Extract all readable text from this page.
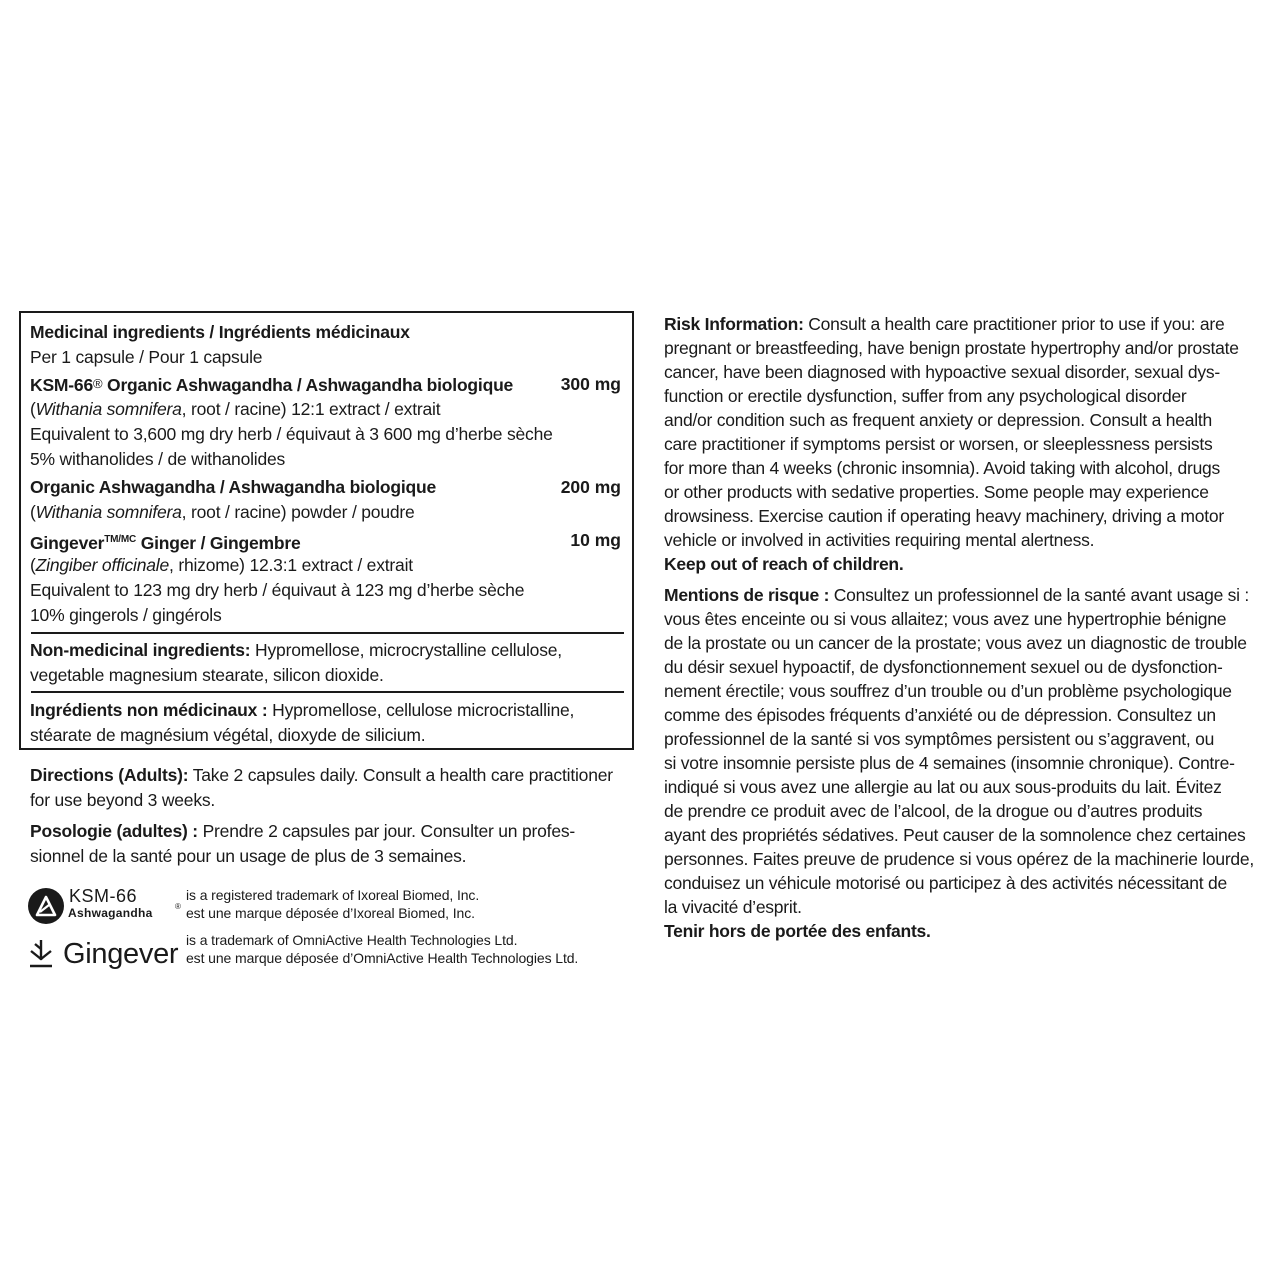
Medicinal ingredients / Ingrédients médicinaux
Per 1 capsule / Pour 1 capsule
KSM-66® Organic Ashwagandha / Ashwagandha biologique	300 mg
(Withania somnifera, root / racine) 12:1 extract / extrait
Equivalent to 3,600 mg dry herb / équivaut à 3 600 mg d’herbe sèche
5% withanolides / de withanolides
Organic Ashwagandha / Ashwagandha biologique	200 mg
(Withania somnifera, root / racine) powder / poudre
Gingever$^{TM/MC}$ Ginger / Gingembre	10 mg
(Zingiber officinale, rhizome) 12.3:1 extract / extrait
Equivalent to 123 mg dry herb / équivaut à 123 mg d’herbe sèche
10% gingerols / gingérols
Non-medicinal ingredients: Hypromellose, microcrystalline cellulose,
vegetable magnesium stearate, silicon dioxide.
Ingrédients non médicinaux : Hypromellose, cellulose microcristalline,
stéarate de magnésium végétal, dioxyde de silicium.
Directions (Adults): Take 2 capsules daily. Consult a health care practitioner
for use beyond 3 weeks.
Posologie (adultes) : Prendre 2 capsules par jour. Consulter un profes-
sionnel de la santé pour un usage de plus de 3 semaines.
KSM-66
Ashwagandha	®
is a registered trademark of Ixoreal Biomed, Inc.
est une marque déposée d’Ixoreal Biomed, Inc.
Gingever is a trademark of OmniActive Health Technologies Ltd.
est une marque déposée d’OmniActive Health Technologies Ltd.
Risk Information: Consult a health care practitioner prior to use if you: are
pregnant or breastfeeding, have benign prostate hypertrophy and/or prostate
cancer, have been diagnosed with hypoactive sexual disorder, sexual dys-
function or erectile dysfunction, suffer from any psychological disorder
and/or condition such as frequent anxiety or depression. Consult a health
care practitioner if symptoms persist or worsen, or sleeplessness persists
for more than 4 weeks (chronic insomnia). Avoid taking with alcohol, drugs
or other products with sedative properties. Some people may experience
drowsiness. Exercise caution if operating heavy machinery, driving a motor
vehicle or involved in activities requiring mental alertness.
Keep out of reach of children.
Mentions de risque : Consultez un professionnel de la santé avant usage si :
vous êtes enceinte ou si vous allaitez; vous avez une hypertrophie bénigne
de la prostate ou un cancer de la prostate; vous avez un diagnostic de trouble
du désir sexuel hypoactif, de dysfonctionnement sexuel ou de dysfonction-
nement érectile; vous souffrez d’un trouble ou d’un problème psychologique
comme des épisodes fréquents d’anxiété ou de dépression. Consultez un
professionnel de la santé si vos symptômes persistent ou s’aggravent, ou
si votre insomnie persiste plus de 4 semaines (insomnie chronique). Contre-
indiqué si vous avez une allergie au lat ou aux sous-produits du lait. Évitez
de prendre ce produit avec de l’alcool, de la drogue ou d’autres produits
ayant des propriétés sédatives. Peut causer de la somnolence chez certaines
personnes. Faites preuve de prudence si vous opérez de la machinerie lourde,
conduisez un véhicule motorisé ou participez à des activités nécessitant de
la vivacité d’esprit.
Tenir hors de portée des enfants.
